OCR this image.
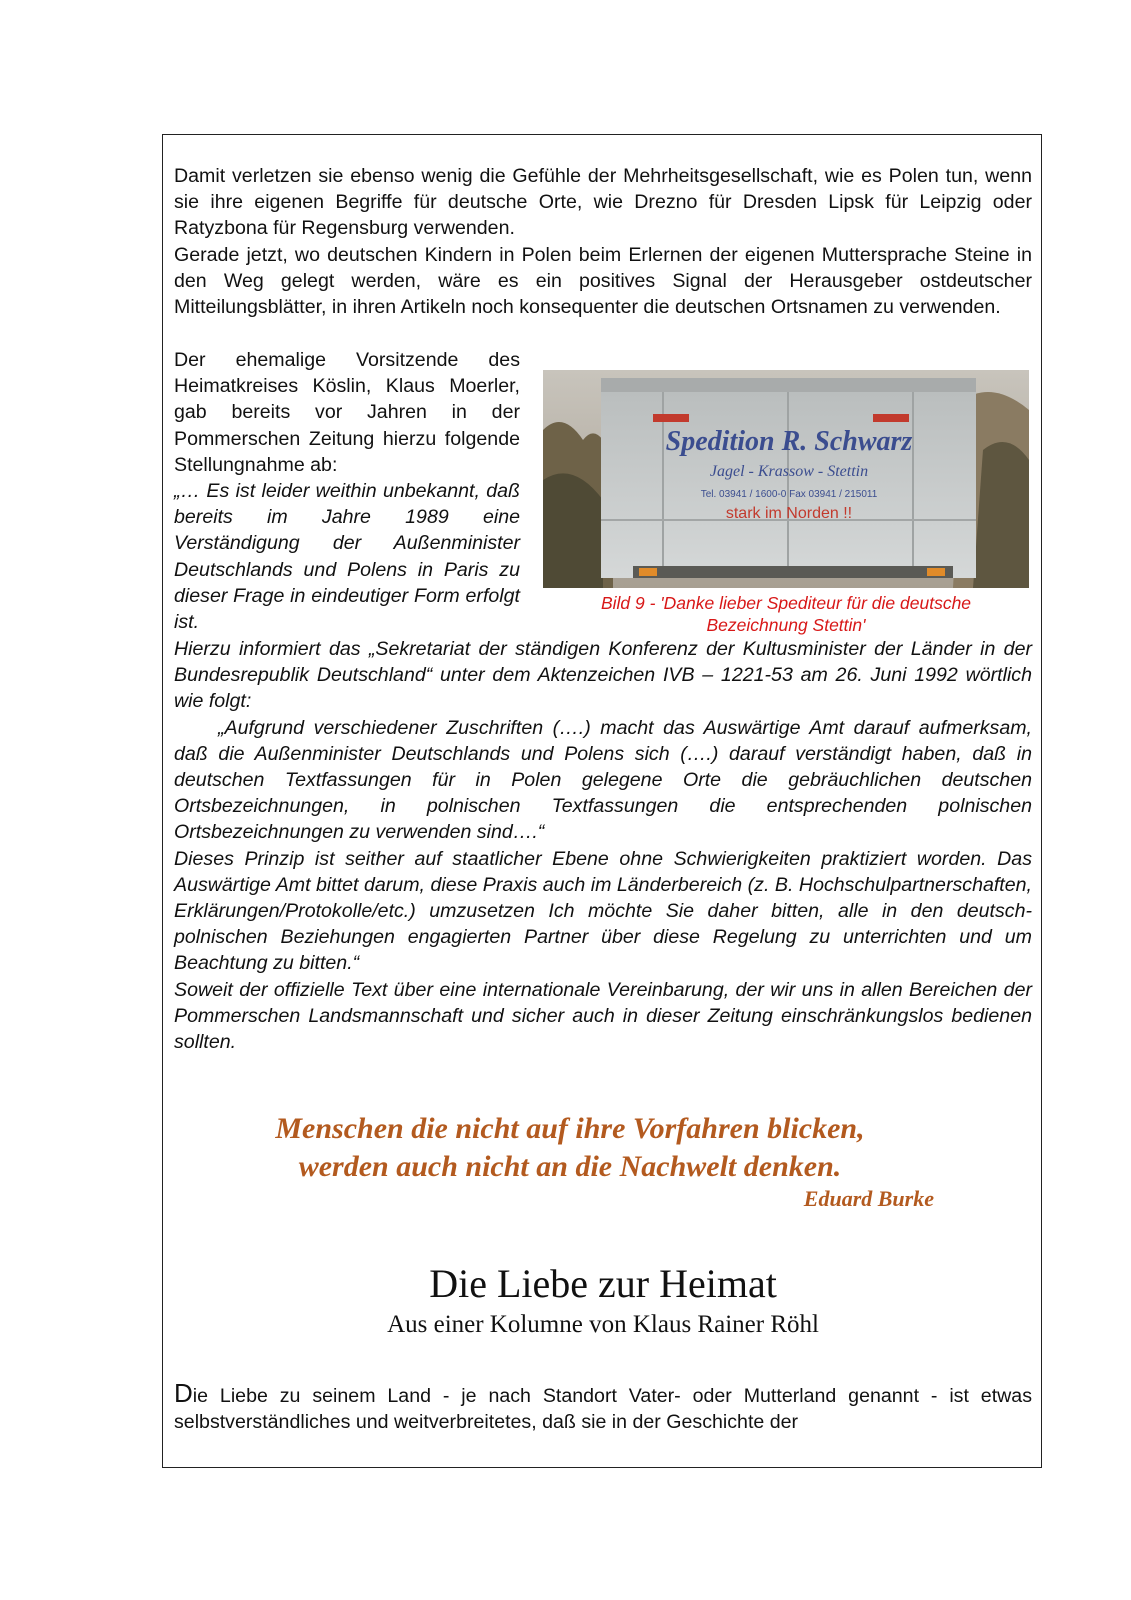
Damit verletzen sie ebenso wenig die Gefühle der Mehrheitsgesellschaft, wie es Polen tun, wenn sie ihre eigenen Begriffe für deutsche Orte, wie Drezno für Dresden Lipsk für Leipzig oder Ratyzbona für Regensburg verwenden.
Gerade jetzt, wo deutschen Kindern in Polen beim Erlernen der eigenen Muttersprache Steine in den Weg gelegt werden, wäre es ein positives Signal der Herausgeber ostdeutscher Mitteilungsblätter, in ihren Artikeln noch konsequenter die deutschen Ortsnamen zu verwenden.

Der ehemalige Vorsitzende des Heimatkreises Köslin, Klaus Moerler, gab bereits vor Jahren in der Pommerschen Zeitung hierzu folgende Stellungnahme ab:

„… Es ist leider weithin unbekannt, daß bereits im Jahre 1989 eine Verständigung der Außenminister Deutschlands und Polens in Paris zu dieser Frage in eindeutiger Form erfolgt ist.

Spedition R. Schwarz
Jagel - Krassow - Stettin
Tel. 03941 / 1600-0 Fax 03941 / 215011
stark im Norden !!
Bild 9 - 'Danke lieber Spediteur für die deutsche
Bezeichnung Stettin'

Hierzu informiert das „Sekretariat der ständigen Konferenz der Kultusminister der Länder in der Bundesrepublik Deutschland“ unter dem Aktenzeichen IVB – 1221-53 am 26. Juni 1992 wörtlich wie folgt:

„Aufgrund verschiedener Zuschriften (….) macht das Auswärtige Amt darauf aufmerksam, daß die Außenminister Deutschlands und Polens sich (….) darauf verständigt haben, daß in deutschen Textfassungen für in Polen gelegene Orte die gebräuchlichen deutschen Ortsbezeichnungen, in polnischen Textfassungen die entsprechenden polnischen Ortsbezeichnungen zu verwenden sind….“

Dieses Prinzip ist seither auf staatlicher Ebene ohne Schwierigkeiten praktiziert worden. Das Auswärtige Amt bittet darum, diese Praxis auch im Länderbereich (z. B. Hochschulpartnerschaften, Erklärungen/Protokolle/etc.) umzusetzen Ich möchte Sie daher bitten, alle in den deutsch-polnischen Beziehungen engagierten Partner über diese Regelung zu unterrichten und um Beachtung zu bitten.“

Soweit der offizielle Text über eine internationale Vereinbarung, der wir uns in allen Bereichen der Pommerschen Landsmannschaft und sicher auch in dieser Zeitung einschränkungslos bedienen sollten.

Menschen die nicht auf ihre Vorfahren blicken,
werden auch nicht an die Nachwelt denken.
Eduard Burke
Die Liebe zur Heimat
Aus einer Kolumne von Klaus Rainer Röhl
Die Liebe zu seinem Land - je nach Standort Vater- oder Mutterland genannt - ist etwas selbstverständliches und weitverbreitetes, daß sie in der Geschichte der
